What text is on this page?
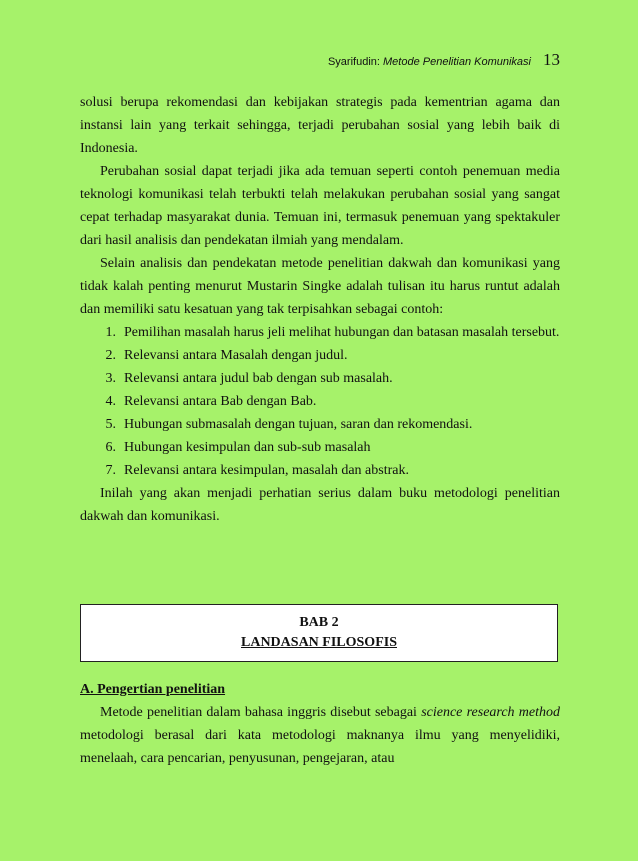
Syarifudin: Metode Penelitian Komunikasi 13

solusi berupa rekomendasi dan kebijakan strategis pada kementrian agama dan instansi lain yang terkait sehingga, terjadi perubahan sosial yang lebih baik di Indonesia.

Perubahan sosial dapat terjadi jika ada temuan seperti contoh penemuan media teknologi komunikasi telah terbukti telah melakukan perubahan sosial yang sangat cepat terhadap masyarakat dunia. Temuan ini, termasuk penemuan yang spektakuler dari hasil analisis dan pendekatan ilmiah yang mendalam.

Selain analisis dan pendekatan metode penelitian dakwah dan komunikasi yang tidak kalah penting menurut Mustarin Singke adalah tulisan itu harus runtut adalah dan memiliki satu kesatuan yang tak terpisahkan sebagai contoh:

1. Pemilihan masalah harus jeli melihat hubungan dan batasan masalah tersebut.
2. Relevansi antara Masalah dengan judul.
3. Relevansi antara judul bab dengan sub masalah.
4. Relevansi antara Bab dengan Bab.
5. Hubungan submasalah dengan tujuan, saran dan rekomendasi.
6. Hubungan kesimpulan dan sub-sub masalah
7. Relevansi antara kesimpulan, masalah dan abstrak.

Inilah yang akan menjadi perhatian serius dalam buku metodologi penelitian dakwah dan komunikasi.

BAB 2
LANDASAN FILOSOFIS
A. Pengertian penelitian

Metode penelitian dalam bahasa inggris disebut sebagai science research method metodologi berasal dari kata metodologi maknanya ilmu yang menyelidiki, menelaah, cara pencarian, penyusunan, pengejaran, atau
